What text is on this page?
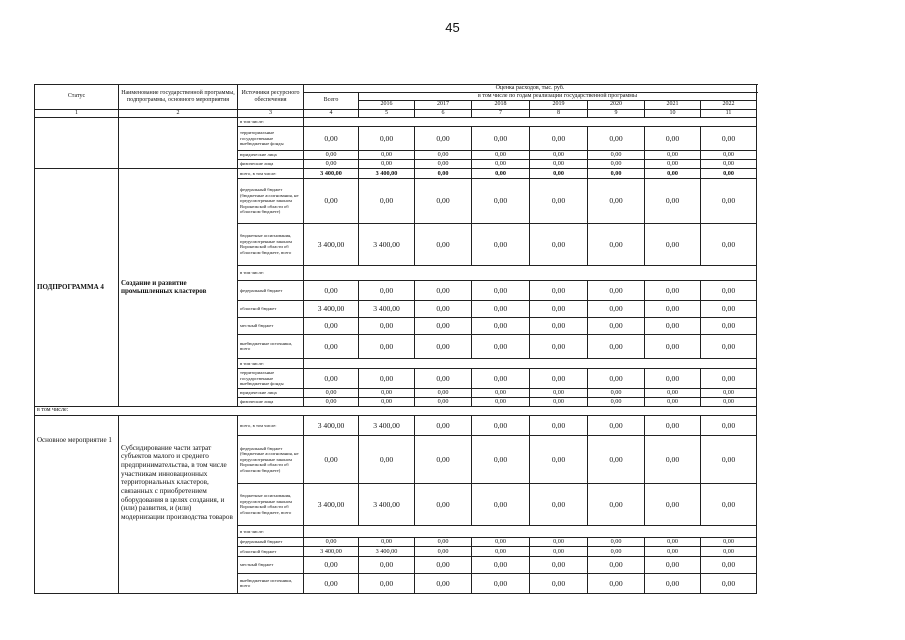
45
Статус	Наименование государственной программы, подпрограммы, основного мероприятия	Источники ресурсного обеспечения	Оценка расходов, тыс. руб.							
			Всего	в том числе по годам реализации государственной программы						
				2016	2017	2018	2019	2020	2021	2022
1	2	3	4	5	6	7	8	9	10	11
		в том числе:								
		территориальные государственные внебюджетные фонды	0,00	0,00	0,00	0,00	0,00	0,00	0,00	0,00
		юридические лица	0,00	0,00	0,00	0,00	0,00	0,00	0,00	0,00
		физические лица	0,00	0,00	0,00	0,00	0,00	0,00	0,00	0,00
ПОДПРОГРАММА 4	Создание и развитие промышленных кластеров	всего, в том числе:	3 400,00	3 400,00	0,00	0,00	0,00	0,00	0,00	0,00
		федеральный бюджет (бюджетные ассигнования, не предусмотренные законом Воронежской области об областном бюджете)	0,00	0,00	0,00	0,00	0,00	0,00	0,00	0,00
		бюджетные ассигнования, предусмотренные законом Воронежской области об областном бюджете, всего	3 400,00	3 400,00	0,00	0,00	0,00	0,00	0,00	0,00
		в том числе:								
		федеральный бюджет	0,00	0,00	0,00	0,00	0,00	0,00	0,00	0,00
		областной бюджет	3 400,00	3 400,00	0,00	0,00	0,00	0,00	0,00	0,00
		местный бюджет	0,00	0,00	0,00	0,00	0,00	0,00	0,00	0,00
		внебюджетные источники, всего	0,00	0,00	0,00	0,00	0,00	0,00	0,00	0,00
		в том числе:								
		территориальные государственные внебюджетные фонды	0,00	0,00	0,00	0,00	0,00	0,00	0,00	0,00
		юридические лица	0,00	0,00	0,00	0,00	0,00	0,00	0,00	0,00
		физические лица	0,00	0,00	0,00	0,00	0,00	0,00	0,00	0,00
в том числе:										
Основное мероприятие 1	Субсидирование части затрат субъектов малого и среднего предпринимательства, в том числе участникам инновационных территориальных кластеров, связанных с приобретением оборудования в целях создания, и (или) развития, и (или) модернизации производства товаров	всего, в том числе:	3 400,00	3 400,00	0,00	0,00	0,00	0,00	0,00	0,00
		федеральный бюджет (бюджетные ассигнования, не предусмотренные законом Воронежской области об областном бюджете)	0,00	0,00	0,00	0,00	0,00	0,00	0,00	0,00
		бюджетные ассигнования, предусмотренные законом Воронежской области об областном бюджете, всего	3 400,00	3 400,00	0,00	0,00	0,00	0,00	0,00	0,00
		в том числе:								
		федеральный бюджет	0,00	0,00	0,00	0,00	0,00	0,00	0,00	0,00
		областной бюджет	3 400,00	3 400,00	0,00	0,00	0,00	0,00	0,00	0,00
		местный бюджет	0,00	0,00	0,00	0,00	0,00	0,00	0,00	0,00
		внебюджетные источники, всего	0,00	0,00	0,00	0,00	0,00	0,00	0,00	0,00
